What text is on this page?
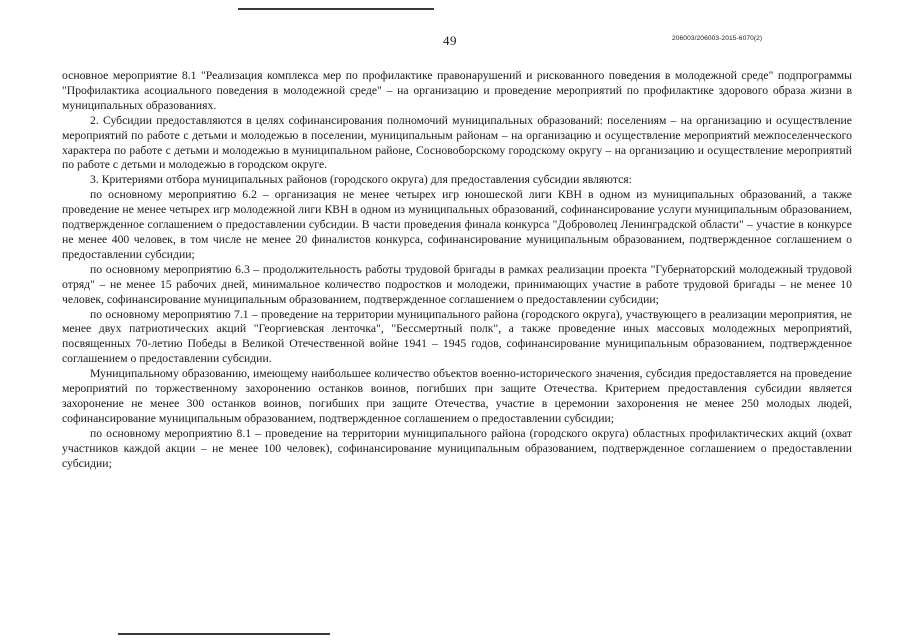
49	206003/206003-2015-6070(2)

основное мероприятие 8.1 "Реализация комплекса мер по профилактике правонарушений и рискованного поведения в молодежной среде" подпрограммы "Профилактика асоциального поведения в молодежной среде" – на организацию и проведение мероприятий по профилактике здорового образа жизни в муниципальных образованиях.

2. Субсидии предоставляются в целях софинансирования полномочий муниципальных образований: поселениям – на организацию и осуществление мероприятий по работе с детьми и молодежью в поселении, муниципальным районам – на организацию и осуществление мероприятий межпоселенческого характера по работе с детьми и молодежью в муниципальном районе, Сосновоборскому городскому округу – на организацию и осуществление мероприятий по работе с детьми и молодежью в городском округе.

3. Критериями отбора муниципальных районов (городского округа) для предоставления субсидии являются:

по основному мероприятию 6.2 – организация не менее четырех игр юношеской лиги КВН в одном из муниципальных образований, а также проведение не менее четырех игр молодежной лиги КВН в одном из муниципальных образований, софинансирование услуги муниципальным образованием, подтвержденное соглашением о предоставлении субсидии. В части проведения финала конкурса "Доброволец Ленинградской области" – участие в конкурсе не менее 400 человек, в том числе не менее 20 финалистов конкурса, софинансирование муниципальным образованием, подтвержденное соглашением о предоставлении субсидии;

по основному мероприятию 6.3 – продолжительность работы трудовой бригады в рамках реализации проекта "Губернаторский молодежный трудовой отряд" – не менее 15 рабочих дней, минимальное количество подростков и молодежи, принимающих участие в работе трудовой бригады – не менее 10 человек, софинансирование муниципальным образованием, подтвержденное соглашением о предоставлении субсидии;

по основному мероприятию 7.1 – проведение на территории муниципального района (городского округа), участвующего в реализации мероприятия, не менее двух патриотических акций "Георгиевская ленточка", "Бессмертный полк", а также проведение иных массовых молодежных мероприятий, посвященных 70-летию Победы в Великой Отечественной войне 1941 – 1945 годов, софинансирование муниципальным образованием, подтвержденное соглашением о предоставлении субсидии.

Муниципальному образованию, имеющему наибольшее количество объектов военно-исторического значения, субсидия предоставляется на проведение мероприятий по торжественному захоронению останков воинов, погибших при защите Отечества. Критерием предоставления субсидии является захоронение не менее 300 останков воинов, погибших при защите Отечества, участие в церемонии захоронения не менее 250 молодых людей, софинансирование муниципальным образованием, подтвержденное соглашением о предоставлении субсидии;

по основному мероприятию 8.1 – проведение на территории муниципального района (городского округа) областных профилактических акций (охват участников каждой акции – не менее 100 человек), софинансирование муниципальным образованием, подтвержденное соглашением о предоставлении субсидии;
